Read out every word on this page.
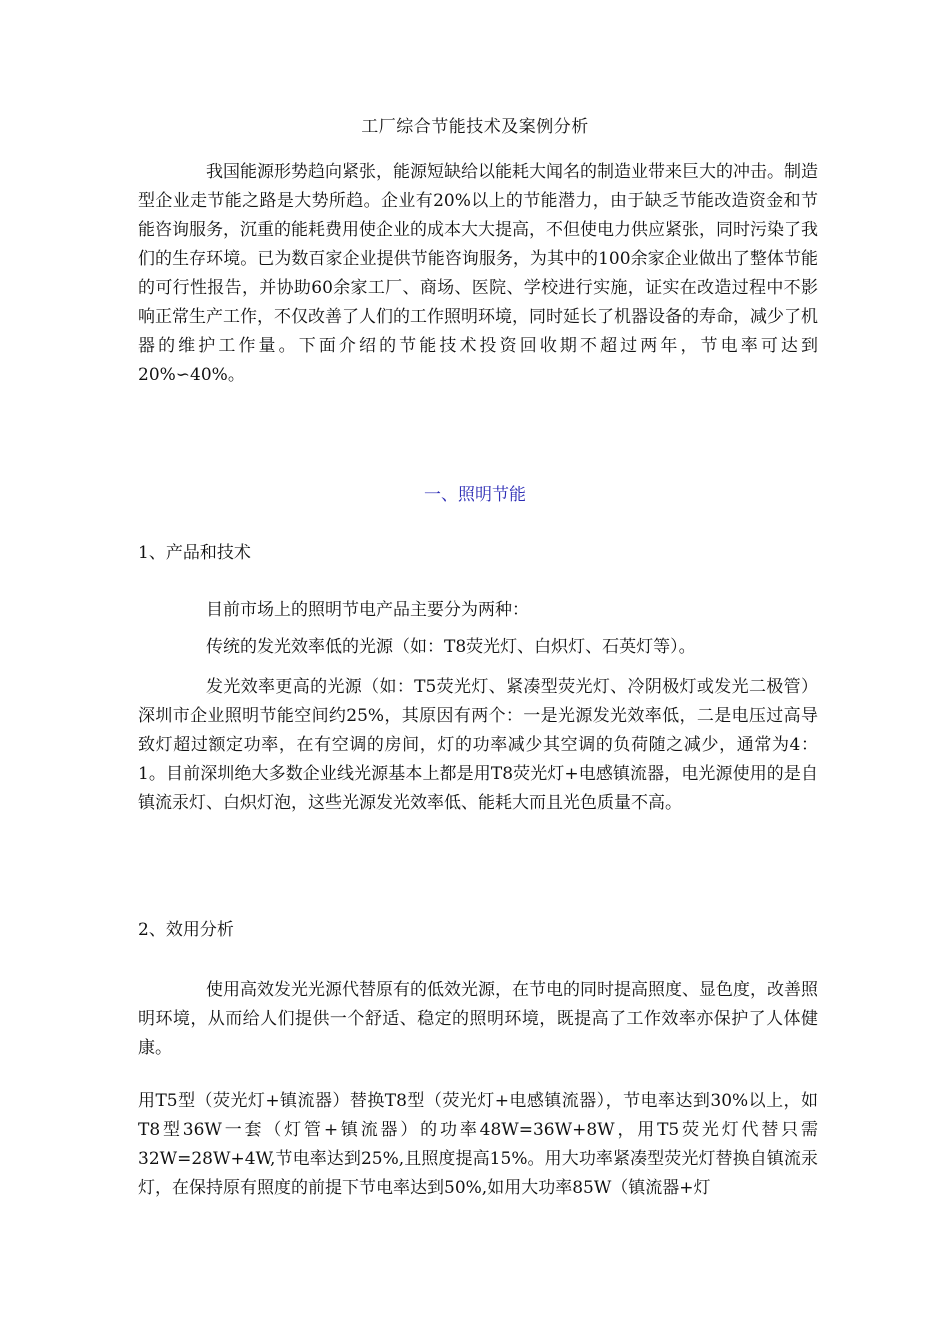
工厂综合节能技术及案例分析

我国能源形势趋向紧张，能源短缺给以能耗大闻名的制造业带来巨大的冲击。制造型企业走节能之路是大势所趋。企业有20%以上的节能潜力，由于缺乏节能改造资金和节能咨询服务，沉重的能耗费用使企业的成本大大提高，不但使电力供应紧张，同时污染了我们的生存环境。已为数百家企业提供节能咨询服务，为其中的100余家企业做出了整体节能的可行性报告，并协助60余家工厂、商场、医院、学校进行实施，证实在改造过程中不影响正常生产工作，不仅改善了人们的工作照明环境，同时延长了机器设备的寿命，减少了机器的维护工作量。下面介绍的节能技术投资回收期不超过两年，节电率可达到20%∽40%。

一、照明节能
1、产品和技术

目前市场上的照明节电产品主要分为两种：

传统的发光效率低的光源（如：T8荧光灯、白炽灯、石英灯等）。

发光效率更高的光源（如：T5荧光灯、紧凑型荧光灯、冷阴极灯或发光二极管）深圳市企业照明节能空间约25%，其原因有两个：一是光源发光效率低，二是电压过高导致灯超过额定功率，在有空调的房间，灯的功率减少其空调的负荷随之减少，通常为4：1。目前深圳绝大多数企业线光源基本上都是用T8荧光灯+电感镇流器，电光源使用的是自镇流汞灯、白炽灯泡，这些光源发光效率低、能耗大而且光色质量不高。

2、效用分析

使用高效发光光源代替原有的低效光源，在节电的同时提高照度、显色度，改善照明环境，从而给人们提供一个舒适、稳定的照明环境，既提高了工作效率亦保护了人体健康。

用T5型（荧光灯+镇流器）替换T8型（荧光灯+电感镇流器），节电率达到30%以上，如T8型36W一套（灯管+镇流器）的功率48W=36W+8W，用T5荧光灯代替只需32W=28W+4W,节电率达到25%,且照度提高15%。用大功率紧凑型荧光灯替换自镇流汞灯，在保持原有照度的前提下节电率达到50%,如用大功率85W（镇流器+灯
